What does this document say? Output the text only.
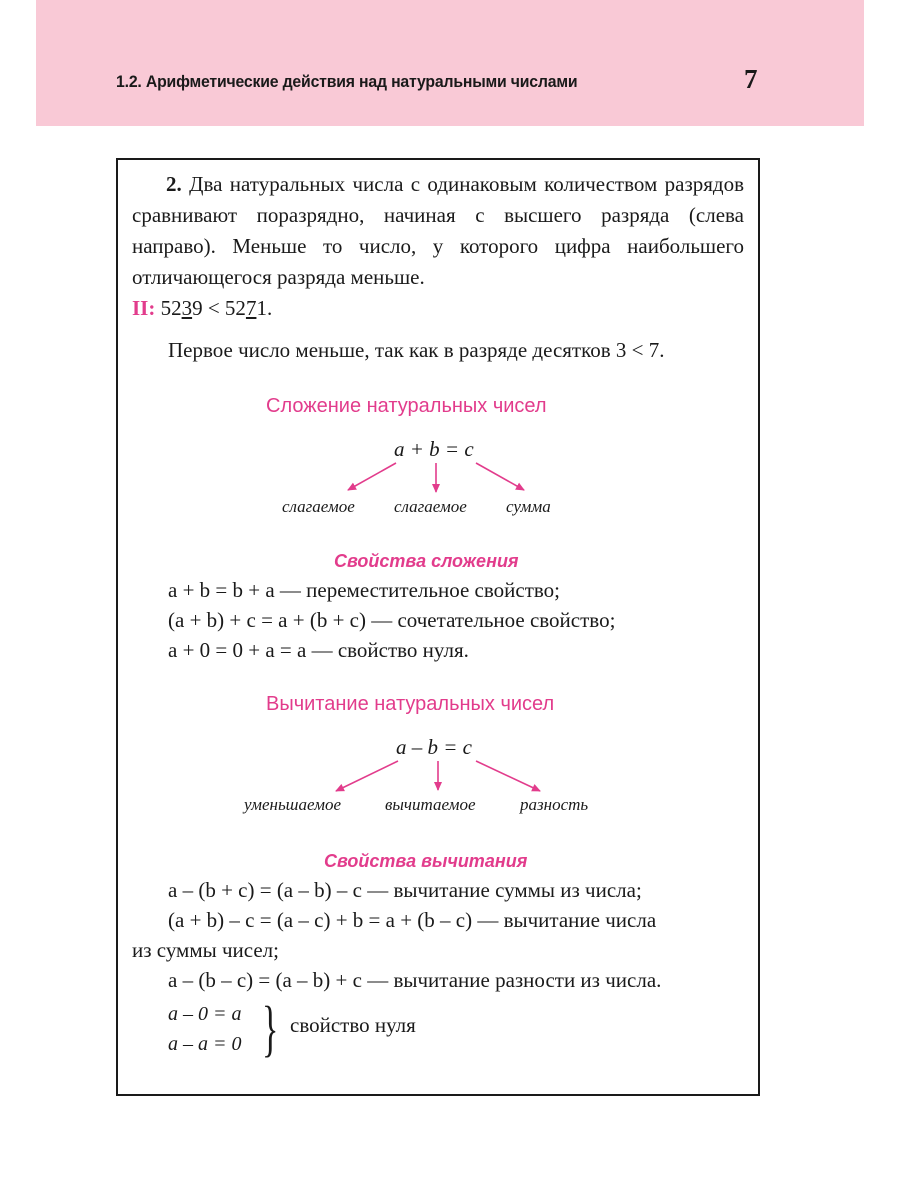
1.2. Арифметические действия над натуральными числами	7
2. Два натуральных числа с одинаковым количеством разрядов сравнивают поразрядно, начиная с высшего разряда (слева направо). Меньше то число, у которого цифра наибольшего отличающегося разряда меньше.
II: 5239 < 5271.
Первое число меньше, так как в разряде десятков 3 < 7.
Сложение натуральных чисел
a + b = c
слагаемое слагаемое сумма
Свойства сложения
a + b = b + a — переместительное свойство;
(a + b) + c = a + (b + c) — сочетательное свойство;
a + 0 = 0 + a = a — свойство нуля.
Вычитание натуральных чисел
a – b = c
уменьшаемое	вычитаемое	разность
Свойства вычитания
a – (b + c) = (a – b) – c — вычитание суммы из числа;
(a + b) – c = (a – c) + b = a + (b – c) — вычитание числа
из суммы чисел;
a – (b – c) = (a – b) + c — вычитание разности из числа.
a – 0 = a
a – a = 0 } свойство нуля
